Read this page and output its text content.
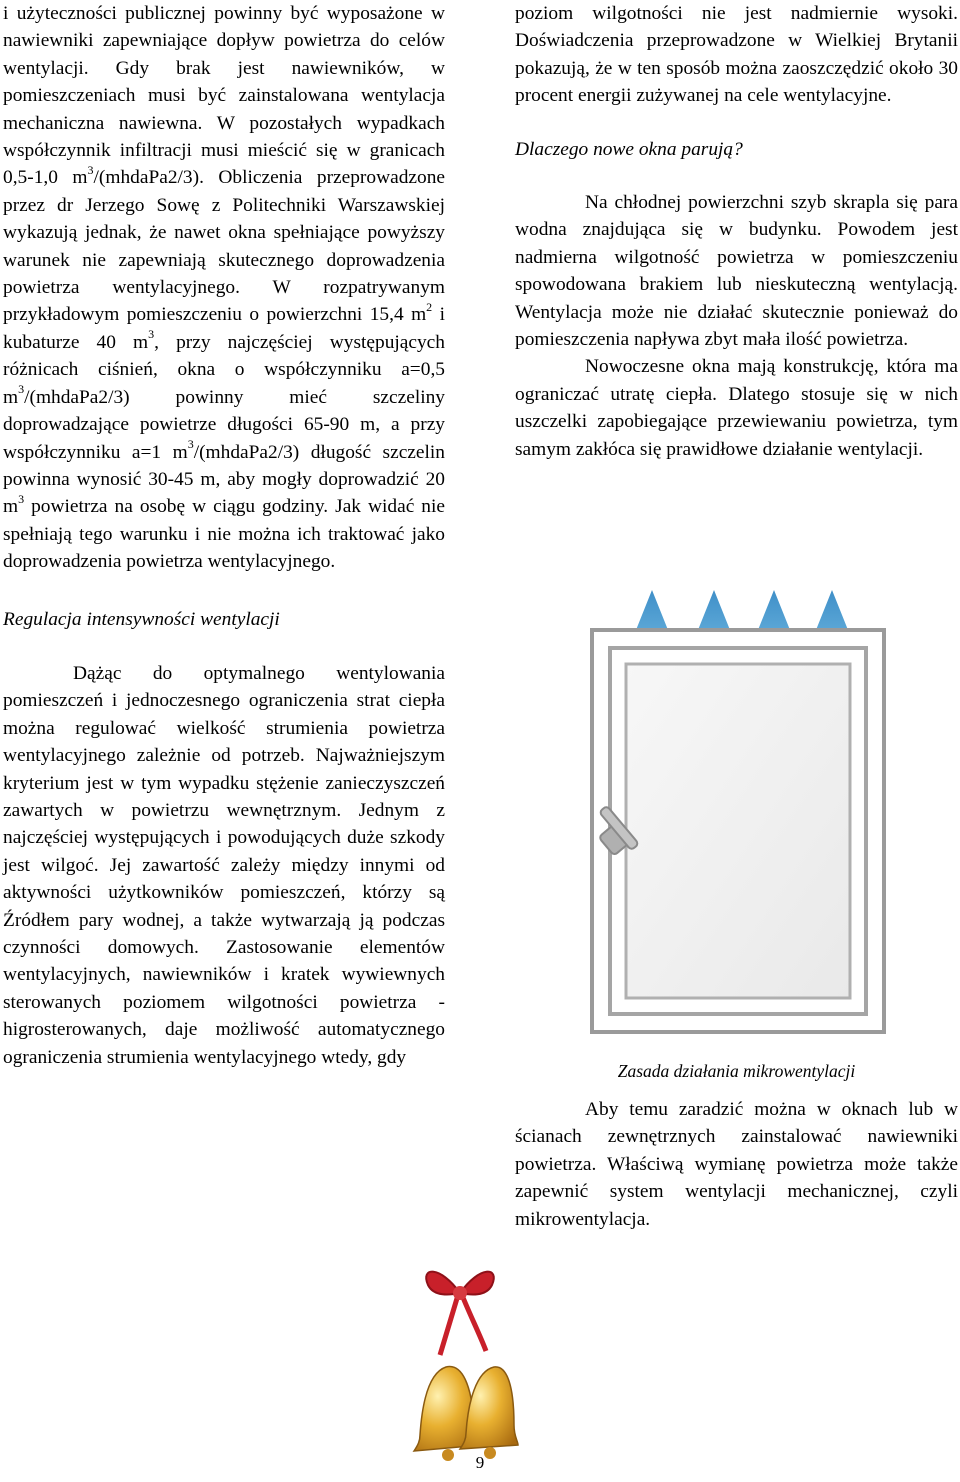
i użyteczności publicznej powinny być wyposażone w nawiewniki zapewniające dopływ powietrza do celów wentylacji. Gdy brak jest nawiewników, w pomieszczeniach musi być zainstalowana wentylacja mechaniczna nawiewna. W pozostałych wypadkach współczynnik infiltracji musi mieścić się w granicach 0,5-1,0 $m^3/(mhdaPa2/3)$. Obliczenia przeprowadzone przez dr Jerzego Sowę z Politechniki Warszawskiej wykazują jednak, że nawet okna spełniające powyższy warunek nie zapewniają skutecznego doprowadzenia powietrza wentylacyjnego. W rozpatrywanym przykładowym pomieszczeniu o powierzchni 15,4 $m^2$ i kubaturze 40 $m^3$, przy najczęściej występujących różnicach ciśnień, okna o współczynniku a=0,5 $m^3/(mhdaPa2/3)$ powinny mieć szczeliny doprowadzające powietrze długości 65-90 m, a przy współczynniku a=1 $m^3/(mhdaPa2/3)$ długość szczelin powinna wynosić 30-45 m, aby mogły doprowadzić 20 $m^3$ powietrza na osobę w ciągu godziny. Jak widać nie spełniają tego warunku i nie można ich traktować jako doprowadzenia powietrza wentylacyjnego.

Regulacja intensywności wentylacji

Dążąc do optymalnego wentylowania pomieszczeń i jednoczesnego ograniczenia strat ciepła można regulować wielkość strumienia powietrza wentylacyjnego zależnie od potrzeb. Najważniejszym kryterium jest w tym wypadku stężenie zanieczyszczeń zawartych w powietrzu wewnętrznym. Jednym z najczęściej występujących i powodujących duże szkody jest wilgoć. Jej zawartość zależy między innymi od aktywności użytkowników pomieszczeń, którzy są Źródłem pary wodnej, a także wytwarzają ją podczas czynności domowych. Zastosowanie elementów wentylacyjnych, nawiewników i kratek wywiewnych sterowanych poziomem wilgotności powietrza - higrosterowanych, daje możliwość automatycznego ograniczenia strumienia wentylacyjnego wtedy, gdy

poziom wilgotności nie jest nadmiernie wysoki. Doświadczenia przeprowadzone w Wielkiej Brytanii pokazują, że w ten sposób można zaoszczędzić około 30 procent energii zużywanej na cele wentylacyjne.

Dlaczego nowe okna parują?

Na chłodnej powierzchni szyb skrapla się para wodna znajdująca się w budynku. Powodem jest nadmierna wilgotność powietrza w pomieszczeniu spowodowana brakiem lub nieskuteczną wentylacją. Wentylacja może nie działać skutecznie ponieważ do pomieszczenia napływa zbyt mała ilość powietrza.

Nowoczesne okna mają konstrukcję, która ma ograniczać utratę ciepła. Dlatego stosuje się w nich uszczelki zapobiegające przewiewaniu powietrza, tym samym zakłóca się prawidłowe działanie wentylacji.

Aby temu zaradzić można w oknach lub w ścianach zewnętrznych zainstalować nawiewniki powietrza. Właściwą wymianę powietrza może także zapewnić system wentylacji mechanicznej, czyli mikrowentylacja.

Zasada działania mikrowentylacji

9
